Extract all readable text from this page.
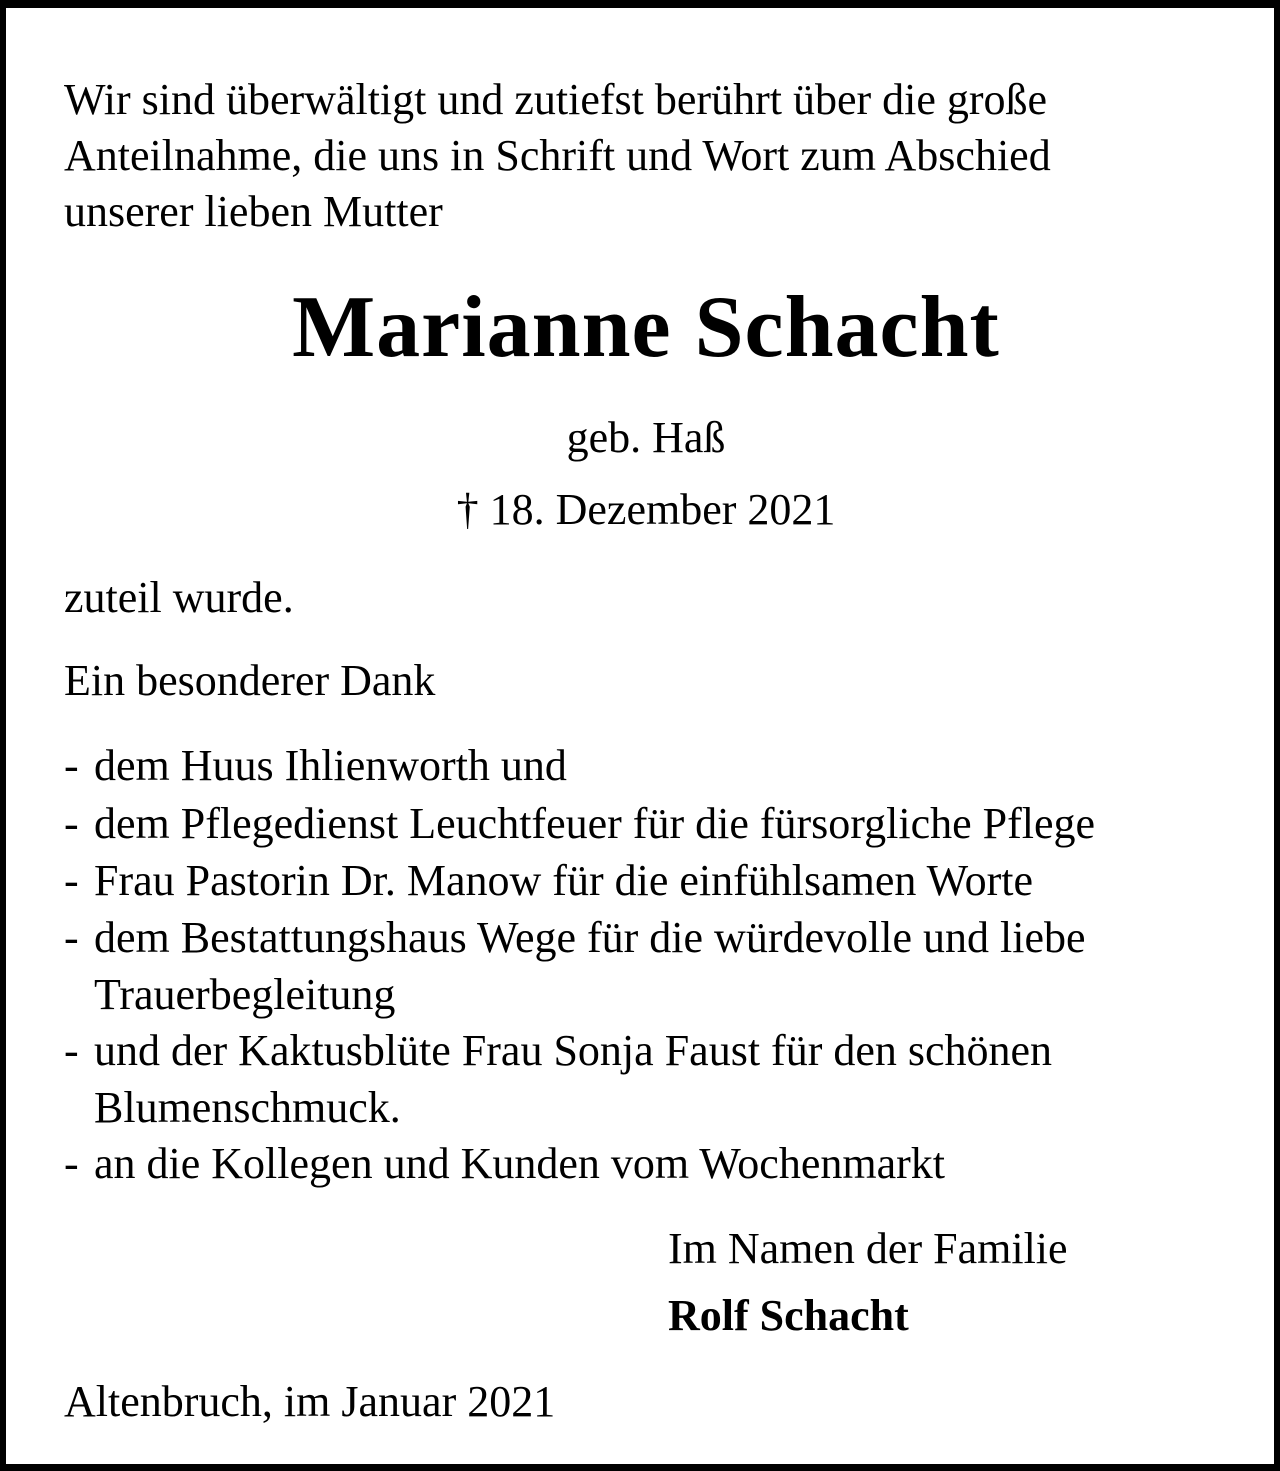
Wir sind überwältigt und zutiefst berührt über die große

Anteilnahme, die uns in Schrift und Wort zum Abschied

unserer lieben Mutter

Marianne Schacht

geb. Haß

† 18. Dezember 2021

zuteil wurde.

Ein besonderer Dank

- dem Huus Ihlienworth und
- dem Pflegedienst Leuchtfeuer für die fürsorgliche Pflege
- Frau Pastorin Dr. Manow für die einfühlsamen Worte
- dem Bestattungshaus Wege für die würdevolle und liebe
Trauerbegleitung
- und der Kaktusblüte Frau Sonja Faust für den schönen
Blumenschmuck.
- an die Kollegen und Kunden vom Wochenmarkt

Im Namen der Familie

Rolf Schacht

Altenbruch, im Januar 2021
